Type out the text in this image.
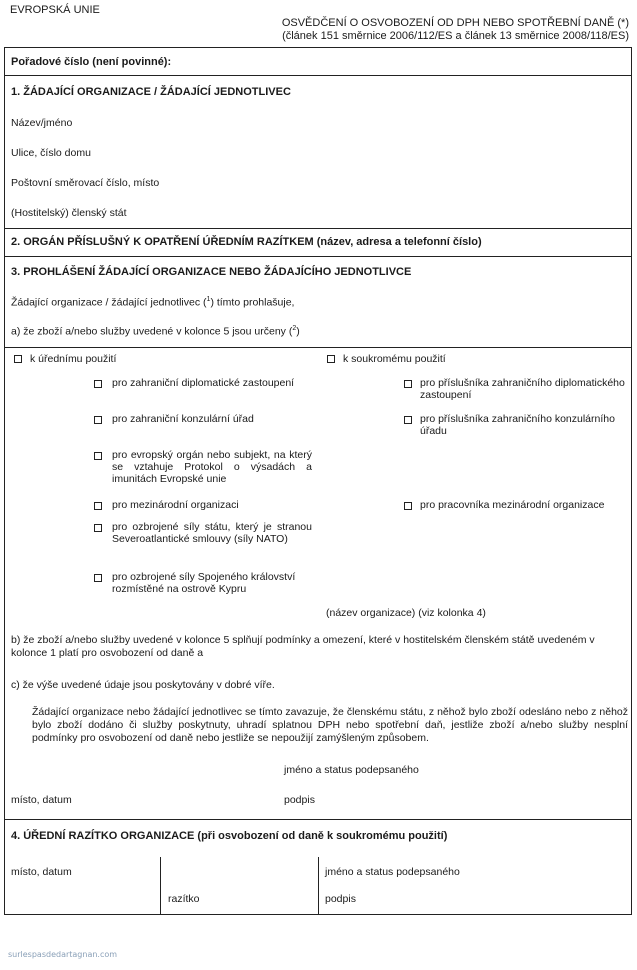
EVROPSKÁ UNIE
OSVĚDČENÍ O OSVOBOZENÍ OD DPH NEBO SPOTŘEBNÍ DANĚ (*)
(článek 151 směrnice 2006/112/ES a článek 13 směrnice 2008/118/ES)
Pořadové číslo (není povinné):
1. ŽÁDAJÍCÍ ORGANIZACE / ŽÁDAJÍCÍ JEDNOTLIVEC
Název/jméno
Ulice, číslo domu
Poštovní směrovací číslo, místo
(Hostitelský) členský stát
2. ORGÁN PŘÍSLUŠNÝ K OPATŘENÍ ÚŘEDNÍM RAZÍTKEM (název, adresa a telefonní číslo)
3. PROHLÁŠENÍ ŽÁDAJÍCÍ ORGANIZACE NEBO ŽÁDAJÍCÍHO JEDNOTLIVCE
Žádající organizace / žádající jednotlivec ($^1$) tímto prohlašuje,
a) že zboží a/nebo služby uvedené v kolonce 5 jsou určeny ($^2$)
k úřednímu použití	k soukromému použití
pro zahraniční diplomatické zastoupení
pro zahraniční konzulární úřad
pro evropský orgán nebo subjekt, na který se vztahuje Protokol o výsadách a imunitách Evropské unie
pro mezinárodní organizaci
pro ozbrojené síly státu, který je stranou Severoatlantické smlouvy (síly NATO)
pro ozbrojené síly Spojeného království rozmístěné na ostrově Kypru
pro příslušníka zahraničního diplomatického zastoupení
pro příslušníka zahraničního konzulárního úřadu
pro pracovníka mezinárodní organizace
(název organizace) (viz kolonka 4)
b) že zboží a/nebo služby uvedené v kolonce 5 splňují podmínky a omezení, které v hostitelském členském státě uvedeném v kolonce 1 platí pro osvobození od daně a
c) že výše uvedené údaje jsou poskytovány v dobré víře.
Žádající organizace nebo žádající jednotlivec se tímto zavazuje, že členskému státu, z něhož bylo zboží odesláno nebo z něhož bylo zboží dodáno či služby poskytnuty, uhradí splatnou DPH nebo spotřební daň, jestliže zboží a/nebo služby nesplní podmínky pro osvobození od daně nebo jestliže se nepoužijí zamýšleným způsobem.
jméno a status podepsaného
místo, datum	podpis
4. ÚŘEDNÍ RAZÍTKO ORGANIZACE (při osvobození od daně k soukromému použití)
místo, datum
razítko
jméno a status podepsaného
podpis
surlespasdedartagnan.com
